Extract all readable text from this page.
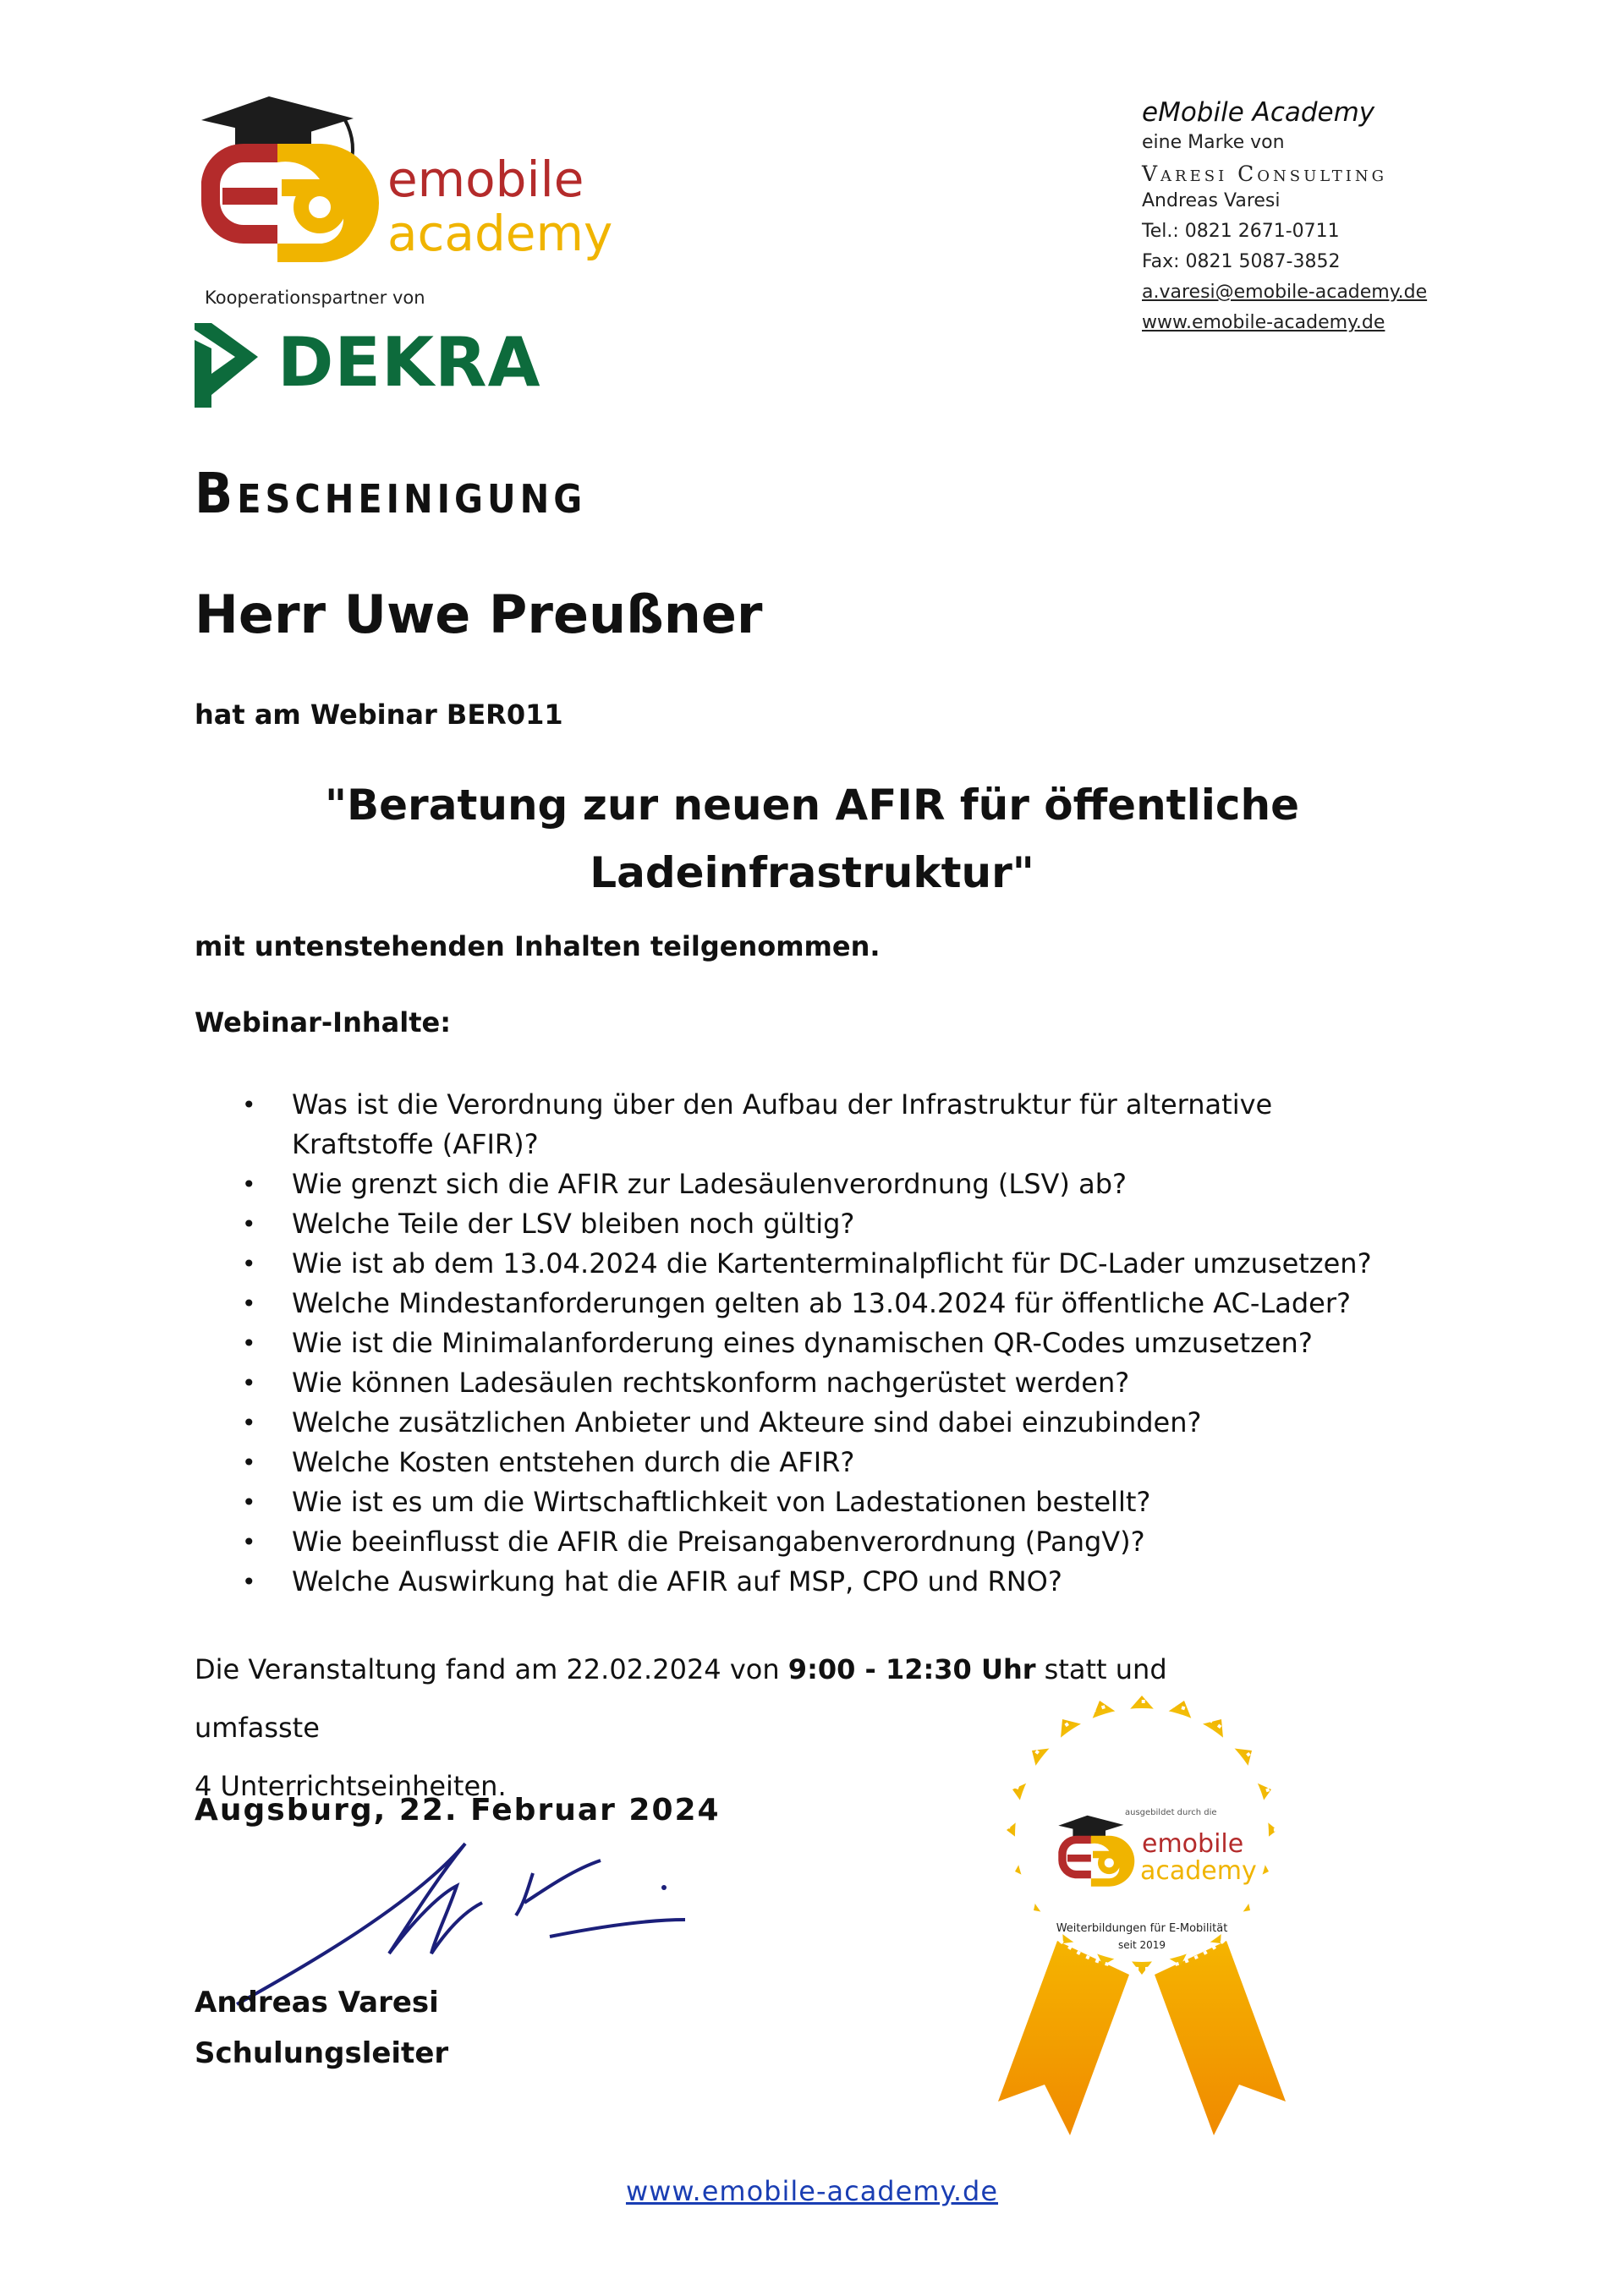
emobile
academy
Kooperationspartner von
DEKRA
eMobile Academy
eine Marke von
Varesi Consulting
Andreas Varesi
Tel.: 0821 2671-0711
Fax: 0821 5087-3852
a.varesi@emobile-academy.de
www.emobile-academy.de
Bescheinigung
Herr Uwe Preußner
hat am Webinar BER011
"Beratung zur neuen AFIR für öffentliche
Ladeinfrastruktur"
mit untenstehenden Inhalten teilgenommen.
Webinar-Inhalte:
• Was ist die Verordnung über den Aufbau der Infrastruktur für alternative Kraftstoffe (AFIR)?
• Wie grenzt sich die AFIR zur Ladesäulenverordnung (LSV) ab?
• Welche Teile der LSV bleiben noch gültig?
• Wie ist ab dem 13.04.2024 die Kartenterminalpflicht für DC-Lader umzusetzen?
• Welche Mindestanforderungen gelten ab 13.04.2024 für öffentliche AC-Lader?
• Wie ist die Minimalanforderung eines dynamischen QR-Codes umzusetzen?
• Wie können Ladesäulen rechtskonform nachgerüstet werden?
• Welche zusätzlichen Anbieter und Akteure sind dabei einzubinden?
• Welche Kosten entstehen durch die AFIR?
• Wie ist es um die Wirtschaftlichkeit von Ladestationen bestellt?
• Wie beeinflusst die AFIR die Preisangabenverordnung (PangV)?
• Welche Auswirkung hat die AFIR auf MSP, CPO und RNO?
Die Veranstaltung fand am 22.02.2024 von 9:00 - 12:30 Uhr statt und umfasste
4 Unterrichtseinheiten.
Augsburg, 22. Februar 2024
Andreas Varesi
Schulungsleiter
ausgebildet durch die
emobile
academy
Weiterbildungen für E-Mobilität
seit 2019
www.emobile-academy.de
